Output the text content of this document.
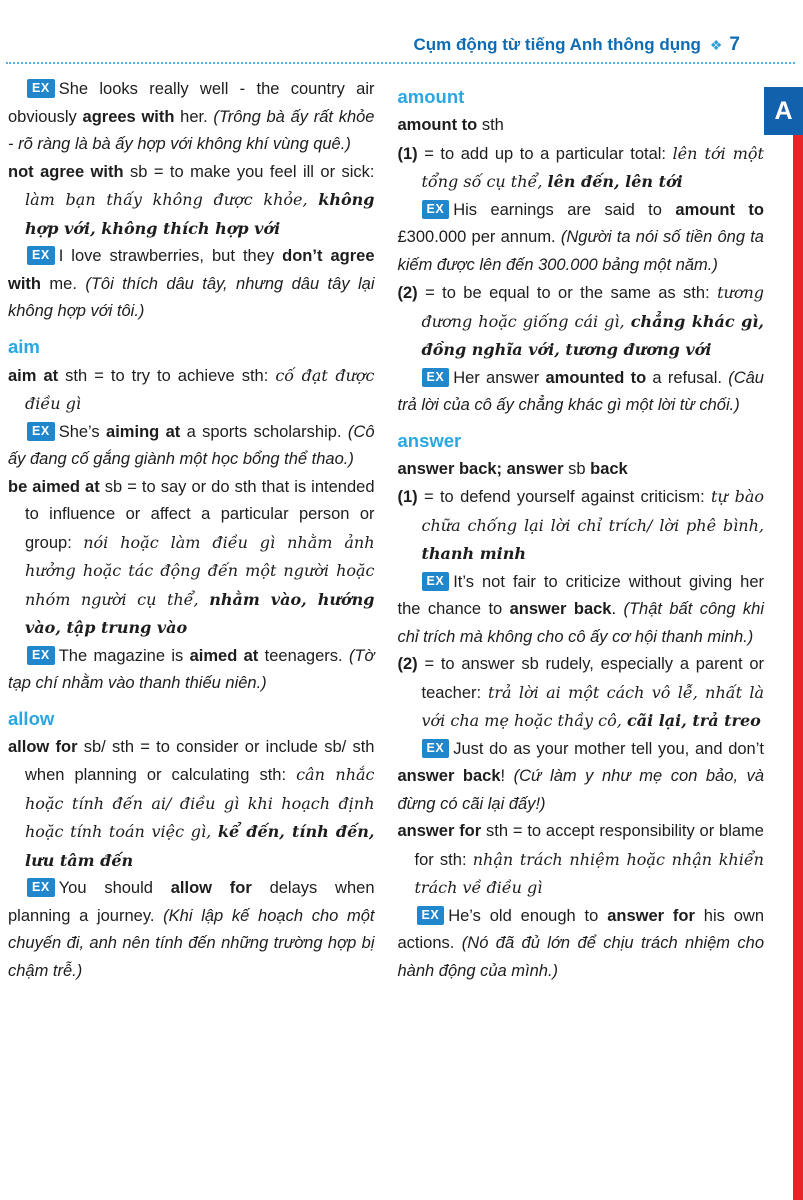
Cụm động từ tiếng Anh thông dụng ❖ 7
A

EX She looks really well - the country air obviously agrees with her. (Trông bà ấy rất khỏe - rõ ràng là bà ấy hợp với không khí vùng quê.)

not agree with sb = to make you feel ill or sick: làm bạn thấy không được khỏe, không hợp với, không thích hợp với

EX I love strawberries, but they don’t agree with me. (Tôi thích dâu tây, nhưng dâu tây lại không hợp với tôi.)

aim

aim at sth = to try to achieve sth: cố đạt được điều gì

EX She’s aiming at a sports scholarship. (Cô ấy đang cố gắng giành một học bổng thể thao.)

be aimed at sb = to say or do sth that is intended to influence or affect a particular person or group: nói hoặc làm điều gì nhằm ảnh hưởng hoặc tác động đến một người hoặc nhóm người cụ thể, nhằm vào, hướng vào, tập trung vào

EX The magazine is aimed at teenagers. (Tờ tạp chí nhằm vào thanh thiếu niên.)

allow

allow for sb/ sth = to consider or include sb/ sth when planning or calculating sth: cân nhắc hoặc tính đến ai/ điều gì khi hoạch định hoặc tính toán việc gì, kể đến, tính đến, lưu tâm đến

EX You should allow for delays when planning a journey. (Khi lập kế hoạch cho một chuyến đi, anh nên tính đến những trường hợp bị chậm trễ.)

amount

amount to sth

(1) = to add up to a particular total: lên tới một tổng số cụ thể, lên đến, lên tới

EX His earnings are said to amount to £300.000 per annum. (Người ta nói số tiền ông ta kiếm được lên đến 300.000 bảng một năm.)

(2) = to be equal to or the same as sth: tương đương hoặc giống cái gì, chẳng khác gì, đồng nghĩa với, tương đương với

EX Her answer amounted to a refusal. (Câu trả lời của cô ấy chẳng khác gì một lời từ chối.)

answer

answer back; answer sb back

(1) = to defend yourself against criticism: tự bào chữa chống lại lời chỉ trích/ lời phê bình, thanh minh

EX It’s not fair to criticize without giving her the chance to answer back. (Thật bất công khi chỉ trích mà không cho cô ấy cơ hội thanh minh.)

(2) = to answer sb rudely, especially a parent or teacher: trả lời ai một cách vô lễ, nhất là với cha mẹ hoặc thầy cô, cãi lại, trả treo

EX Just do as your mother tell you, and don’t answer back! (Cứ làm y như mẹ con bảo, và đừng có cãi lại đấy!)

answer for sth = to accept responsibility or blame for sth: nhận trách nhiệm hoặc nhận khiển trách về điều gì

EX He’s old enough to answer for his own actions. (Nó đã đủ lớn để chịu trách nhiệm cho hành động của mình.)
